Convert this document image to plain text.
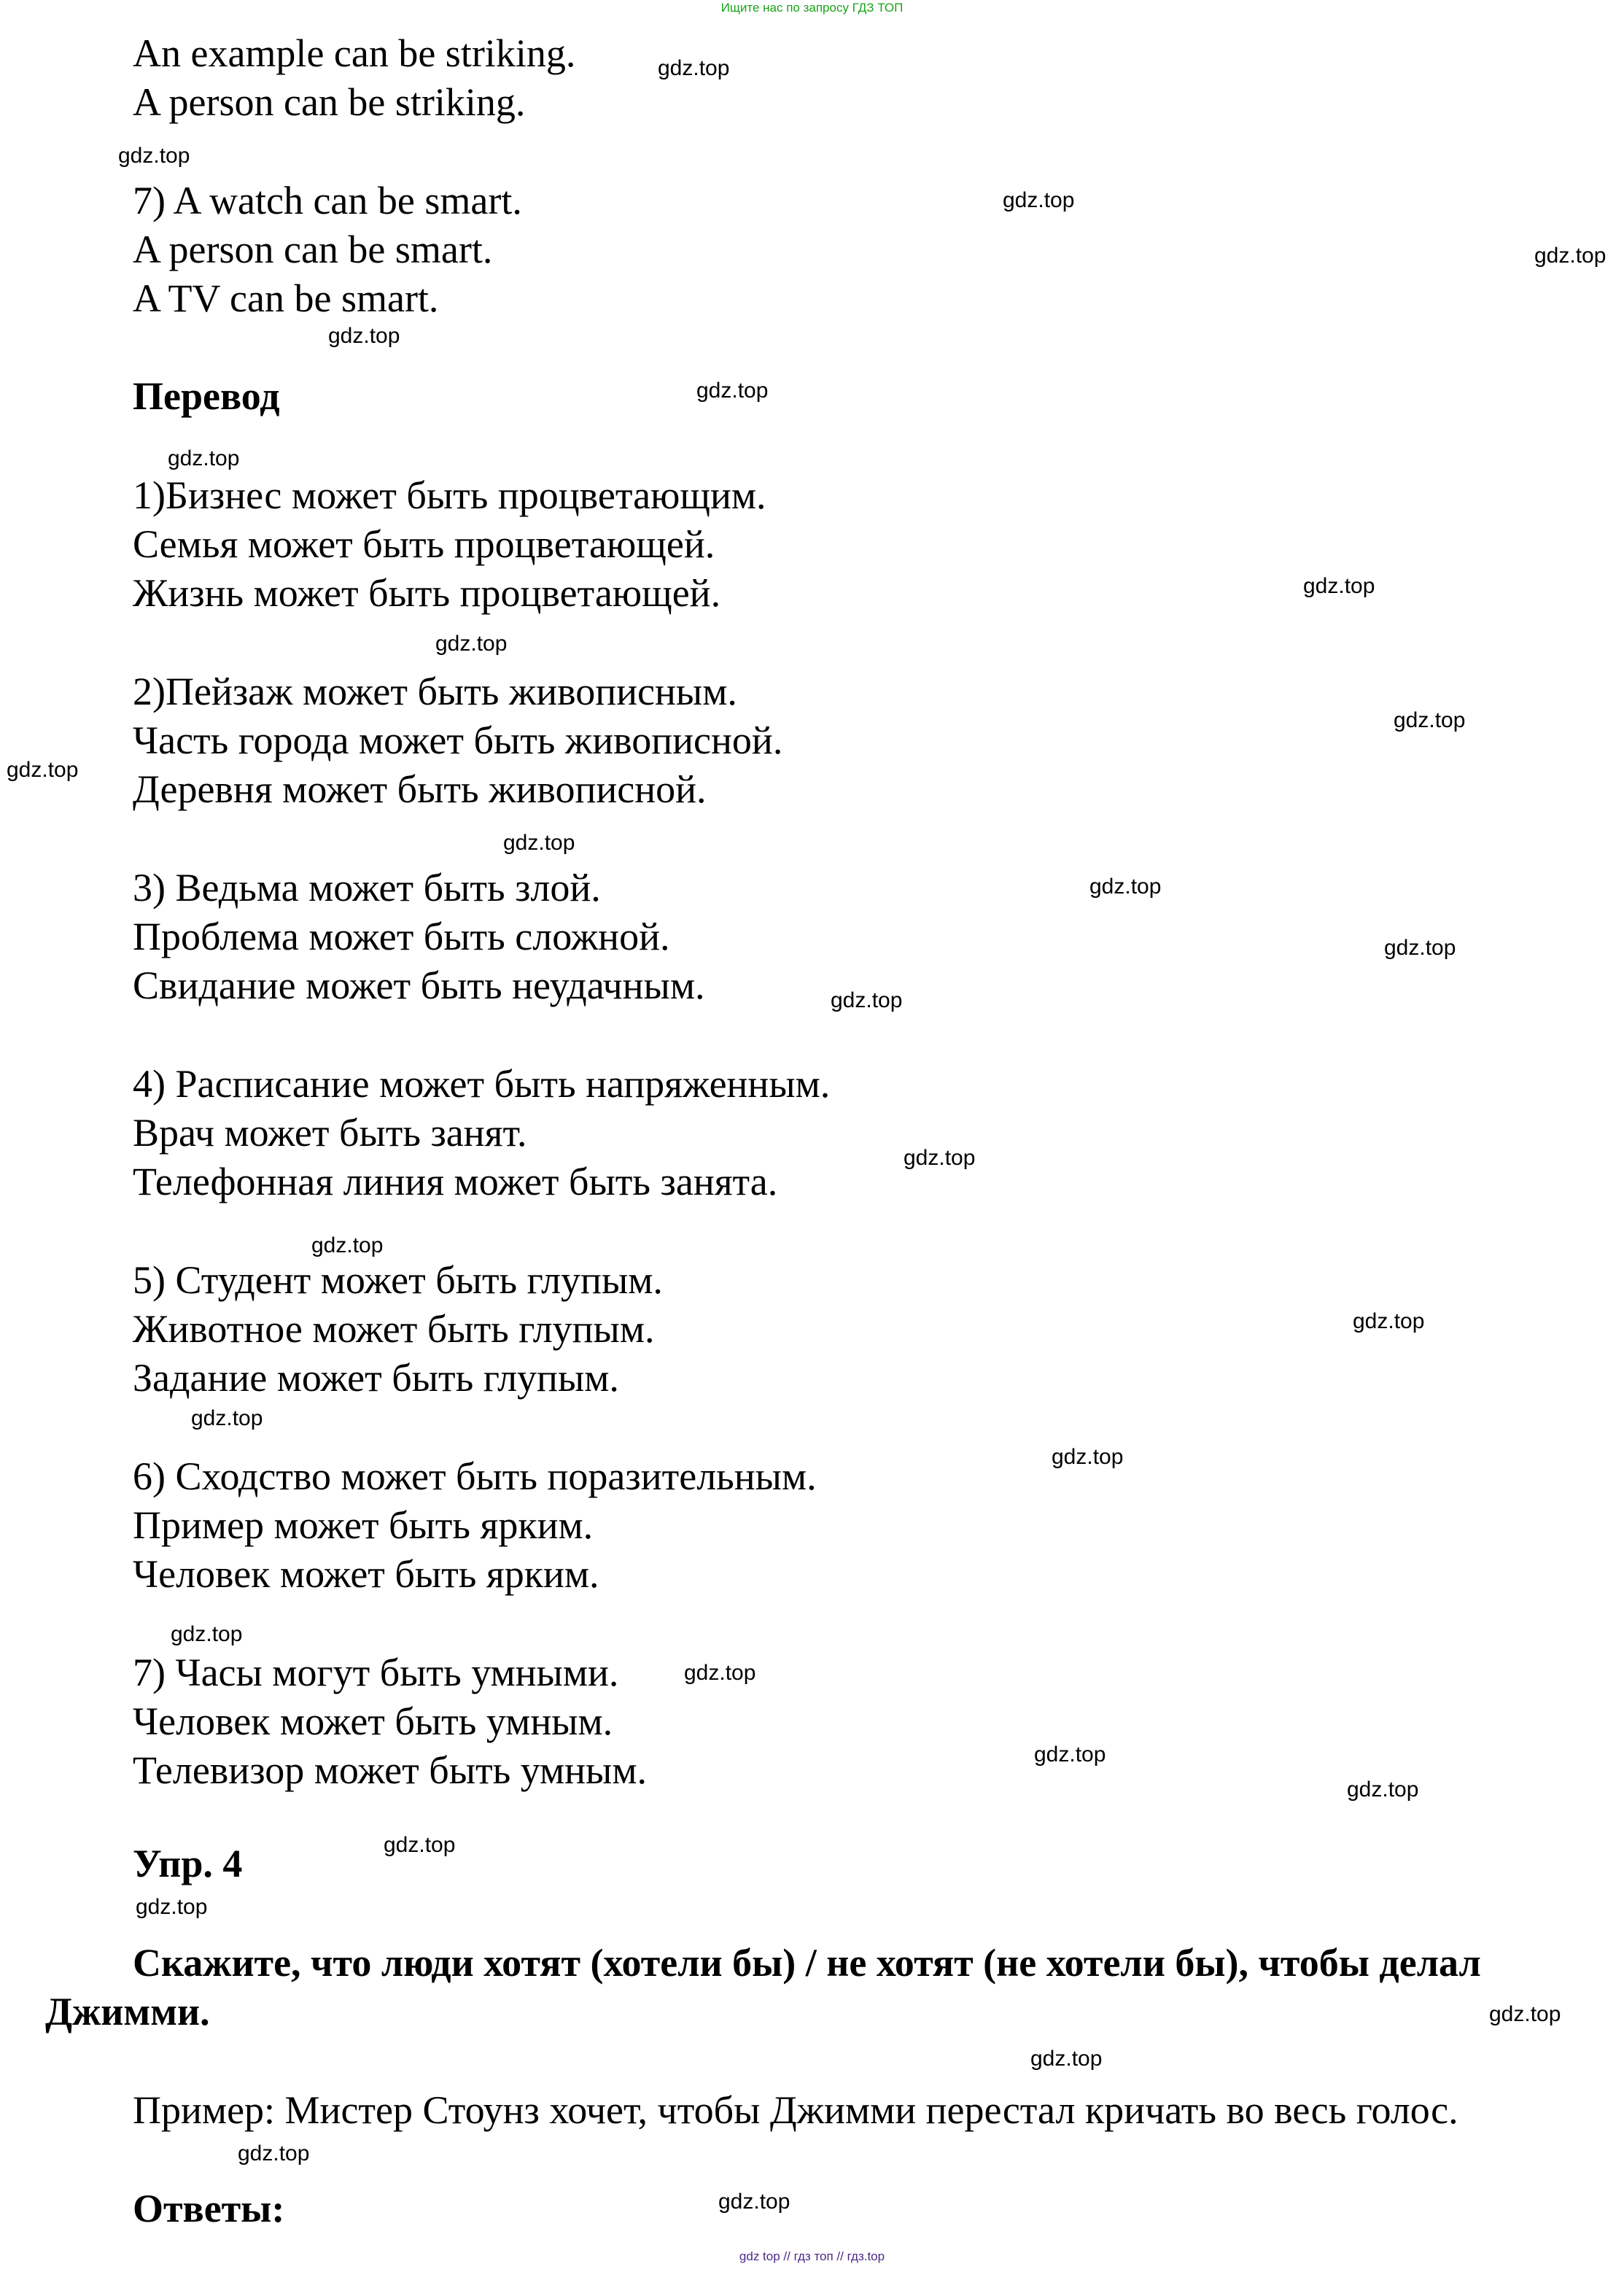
Ищите нас по запросу ГДЗ ТОП
An example can be striking.
A person can be striking.
7) A watch can be smart.
A person can be smart.
A TV can be smart.
Перевод
1)Бизнес может быть процветающим.
Семья может быть процветающей.
Жизнь может быть процветающей.
2)Пейзаж может быть живописным.
Часть города может быть живописной.
Деревня может быть живописной.
3) Ведьма может быть злой.
Проблема может быть сложной.
Свидание может быть неудачным.
4) Расписание может быть напряженным.
Врач может быть занят.
Телефонная линия может быть занята.
5) Студент может быть глупым.
Животное может быть глупым.
Задание может быть глупым.
6) Сходство может быть поразительным.
Пример может быть ярким.
Человек может быть ярким.
7) Часы могут быть умными.
Человек может быть умным.
Телевизор может быть умным.
Упр. 4
Скажите, что люди хотят (хотели бы) / не хотят (не хотели бы), чтобы делал
Джимми.
Пример: Мистер Стоунз хочет, чтобы Джимми перестал кричать во весь голос.
Ответы:
gdz.top
gdz.top
gdz.top
gdz.top
gdz.top
gdz.top
gdz.top
gdz.top
gdz.top
gdz.top
gdz.top
gdz.top
gdz.top
gdz.top
gdz.top
gdz.top
gdz.top
gdz.top
gdz.top
gdz.top
gdz.top
gdz.top
gdz.top
gdz.top
gdz.top
gdz.top
gdz.top
gdz.top
gdz.top
gdz.top
gdz top // гдз топ // гдз.top
